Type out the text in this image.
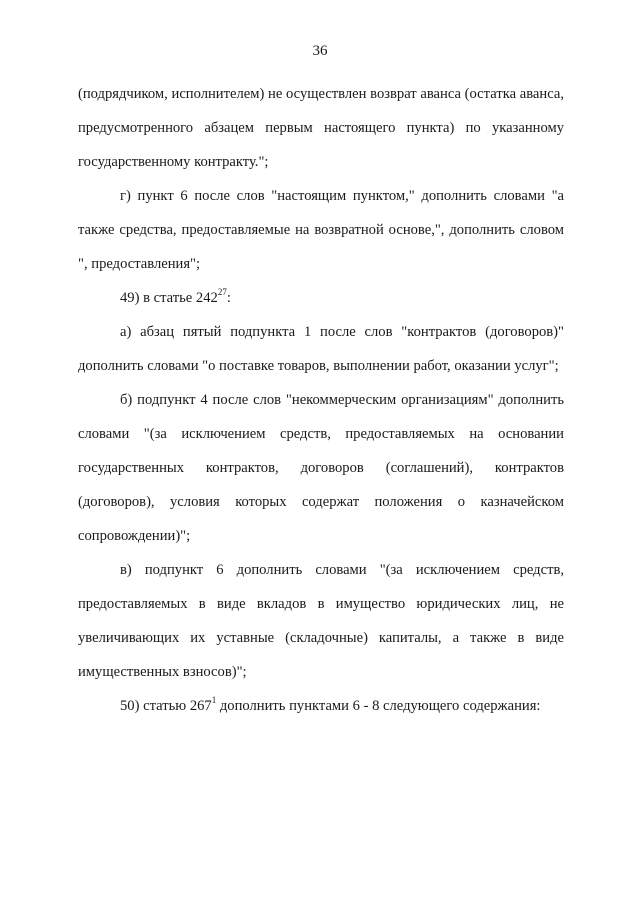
36

(подрядчиком, исполнителем) не осуществлен возврат аванса (остатка аванса, предусмотренного абзацем первым настоящего пункта) по указанному государственному контракту.";

г) пункт 6 после слов "настоящим пунктом," дополнить словами "а также средства, предоставляемые на возвратной основе,", дополнить словом ", предоставления";

49) в статье $242^{27}$:

а) абзац пятый подпункта 1 после слов "контрактов (договоров)" дополнить словами "о поставке товаров, выполнении работ, оказании услуг";

б) подпункт 4 после слов "некоммерческим организациям" дополнить словами "(за исключением средств, предоставляемых на основании государственных контрактов, договоров (соглашений), контрактов (договоров), условия которых содержат положения о казначейском сопровождении)";

в) подпункт 6 дополнить словами "(за исключением средств, предоставляемых в виде вкладов в имущество юридических лиц, не увеличивающих их уставные (складочные) капиталы, а также в виде имущественных взносов)";

50) статью $267^1$ дополнить пунктами 6 - 8 следующего содержания:
